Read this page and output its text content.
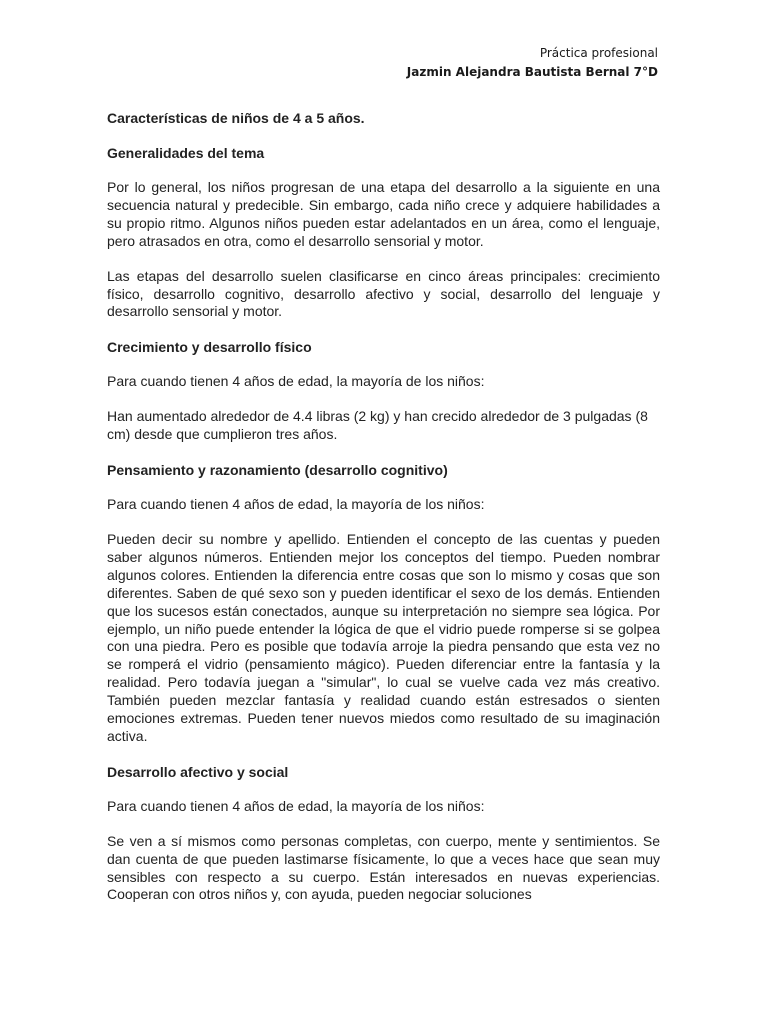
Práctica profesional
Jazmin Alejandra Bautista Bernal 7°D
Características de niños de 4 a 5 años.
Generalidades del tema

Por lo general, los niños progresan de una etapa del desarrollo a la siguiente en una secuencia natural y predecible. Sin embargo, cada niño crece y adquiere habilidades a su propio ritmo. Algunos niños pueden estar adelantados en un área, como el lenguaje, pero atrasados en otra, como el desarrollo sensorial y motor.

Las etapas del desarrollo suelen clasificarse en cinco áreas principales: crecimiento físico, desarrollo cognitivo, desarrollo afectivo y social, desarrollo del lenguaje y desarrollo sensorial y motor.

Crecimiento y desarrollo físico

Para cuando tienen 4 años de edad, la mayoría de los niños:

Han aumentado alrededor de 4.4 libras (2 kg) y han crecido alrededor de 3 pulgadas (8 cm) desde que cumplieron tres años.

Pensamiento y razonamiento (desarrollo cognitivo)

Para cuando tienen 4 años de edad, la mayoría de los niños:

Pueden decir su nombre y apellido. Entienden el concepto de las cuentas y pueden saber algunos números. Entienden mejor los conceptos del tiempo. Pueden nombrar algunos colores. Entienden la diferencia entre cosas que son lo mismo y cosas que son diferentes. Saben de qué sexo son y pueden identificar el sexo de los demás. Entienden que los sucesos están conectados, aunque su interpretación no siempre sea lógica. Por ejemplo, un niño puede entender la lógica de que el vidrio puede romperse si se golpea con una piedra. Pero es posible que todavía arroje la piedra pensando que esta vez no se romperá el vidrio (pensamiento mágico). Pueden diferenciar entre la fantasía y la realidad. Pero todavía juegan a "simular", lo cual se vuelve cada vez más creativo. También pueden mezclar fantasía y realidad cuando están estresados o sienten emociones extremas. Pueden tener nuevos miedos como resultado de su imaginación activa.

Desarrollo afectivo y social

Para cuando tienen 4 años de edad, la mayoría de los niños:

Se ven a sí mismos como personas completas, con cuerpo, mente y sentimientos. Se dan cuenta de que pueden lastimarse físicamente, lo que a veces hace que sean muy sensibles con respecto a su cuerpo. Están interesados en nuevas experiencias. Cooperan con otros niños y, con ayuda, pueden negociar soluciones
